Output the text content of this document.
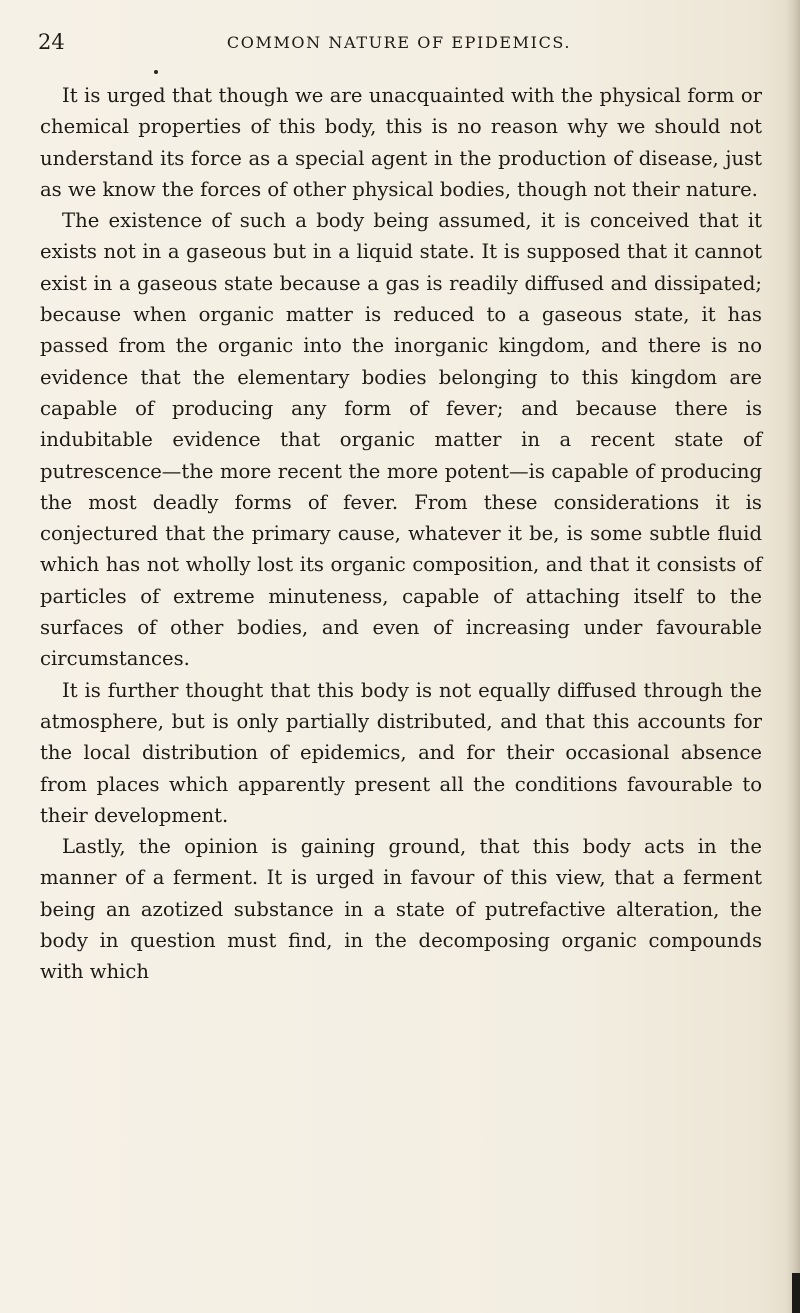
24	COMMON NATURE OF EPIDEMICS.

It is urged that though we are unacquainted with the physical form or chemical properties of this body, this is no reason why we should not understand its force as a special agent in the production of disease, just as we know the forces of other physical bodies, though not their nature.

The existence of such a body being assumed, it is conceived that it exists not in a gaseous but in a liquid state. It is supposed that it cannot exist in a gaseous state because a gas is readily diffused and dissipated; because when organic matter is reduced to a gaseous state, it has passed from the organic into the inorganic kingdom, and there is no evidence that the elementary bodies belonging to this kingdom are capable of producing any form of fever; and because there is indubitable evidence that organic matter in a recent state of putrescence—the more recent the more potent—is capable of producing the most deadly forms of fever. From these considerations it is conjectured that the primary cause, whatever it be, is some subtle fluid which has not wholly lost its organic composition, and that it consists of particles of extreme minuteness, capable of attaching itself to the surfaces of other bodies, and even of increasing under favourable circumstances.

It is further thought that this body is not equally diffused through the atmosphere, but is only partially distributed, and that this accounts for the local distribution of epidemics, and for their occasional absence from places which apparently present all the conditions favourable to their development.

Lastly, the opinion is gaining ground, that this body acts in the manner of a ferment. It is urged in favour of this view, that a ferment being an azotized substance in a state of putrefactive alteration, the body in question must find, in the decomposing organic compounds with which
